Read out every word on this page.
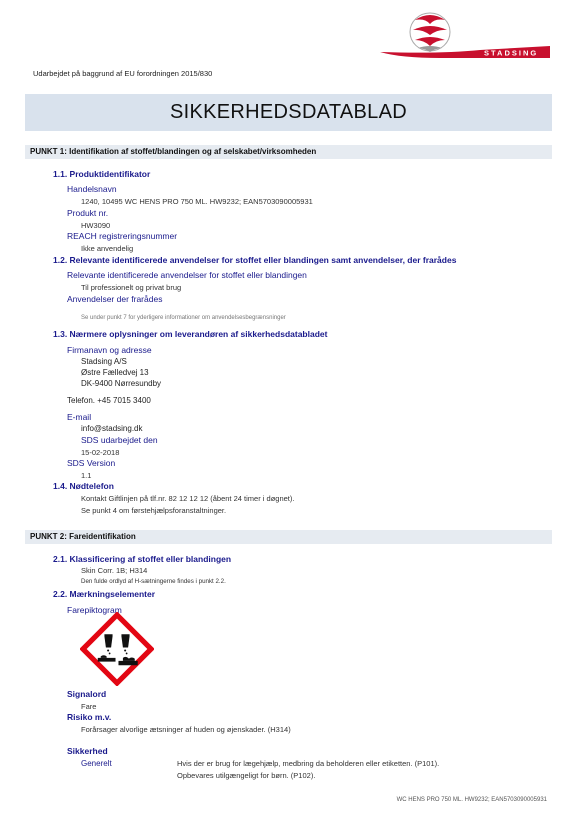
STADSING
Udarbejdet på baggrund af EU forordningen 2015/830
SIKKERHEDSDATABLAD
PUNKT 1: Identifikation af stoffet/blandingen og af selskabet/virksomheden
1.1. Produktidentifikator
Handelsnavn
1240, 10495 WC HENS PRO 750 ML. HW9232; EAN5703090005931
Produkt nr.
HW3090
REACH registreringsnummer
Ikke anvendelig
1.2. Relevante identificerede anvendelser for stoffet eller blandingen samt anvendelser, der frarådes
Relevante identificerede anvendelser for stoffet eller blandingen
Til professionelt og privat brug
Anvendelser der frarådes
Se under punkt 7 for yderligere informationer om anvendelsesbegrænsninger
1.3. Nærmere oplysninger om leverandøren af sikkerhedsdatabladet
Firmanavn og adresse
Stadsing A/S
Østre Fælledvej 13
DK-9400 Nørresundby
Telefon. +45 7015 3400
E-mail
info@stadsing.dk
SDS udarbejdet den
15-02-2018
SDS Version
1.1
1.4. Nødtelefon
Kontakt Giftlinjen på tlf.nr. 82 12 12 12 (åbent 24 timer i døgnet).
Se punkt 4 om førstehjælpsforanstaltninger.
PUNKT 2: Fareidentifikation
2.1. Klassificering af stoffet eller blandingen
Skin Corr. 1B; H314
Den fulde ordlyd af H-sætningerne findes i punkt 2.2.
2.2. Mærkningselementer
Farepiktogram
Signalord
Fare
Risiko m.v.
Forårsager alvorlige ætsninger af huden og øjenskader. (H314)
Sikkerhed
Generelt	Hvis der er brug for lægehjælp, medbring da beholderen eller etiketten. (P101).
Opbevares utilgængeligt for børn. (P102).
WC HENS PRO 750 ML. HW9232; EAN5703090005931
